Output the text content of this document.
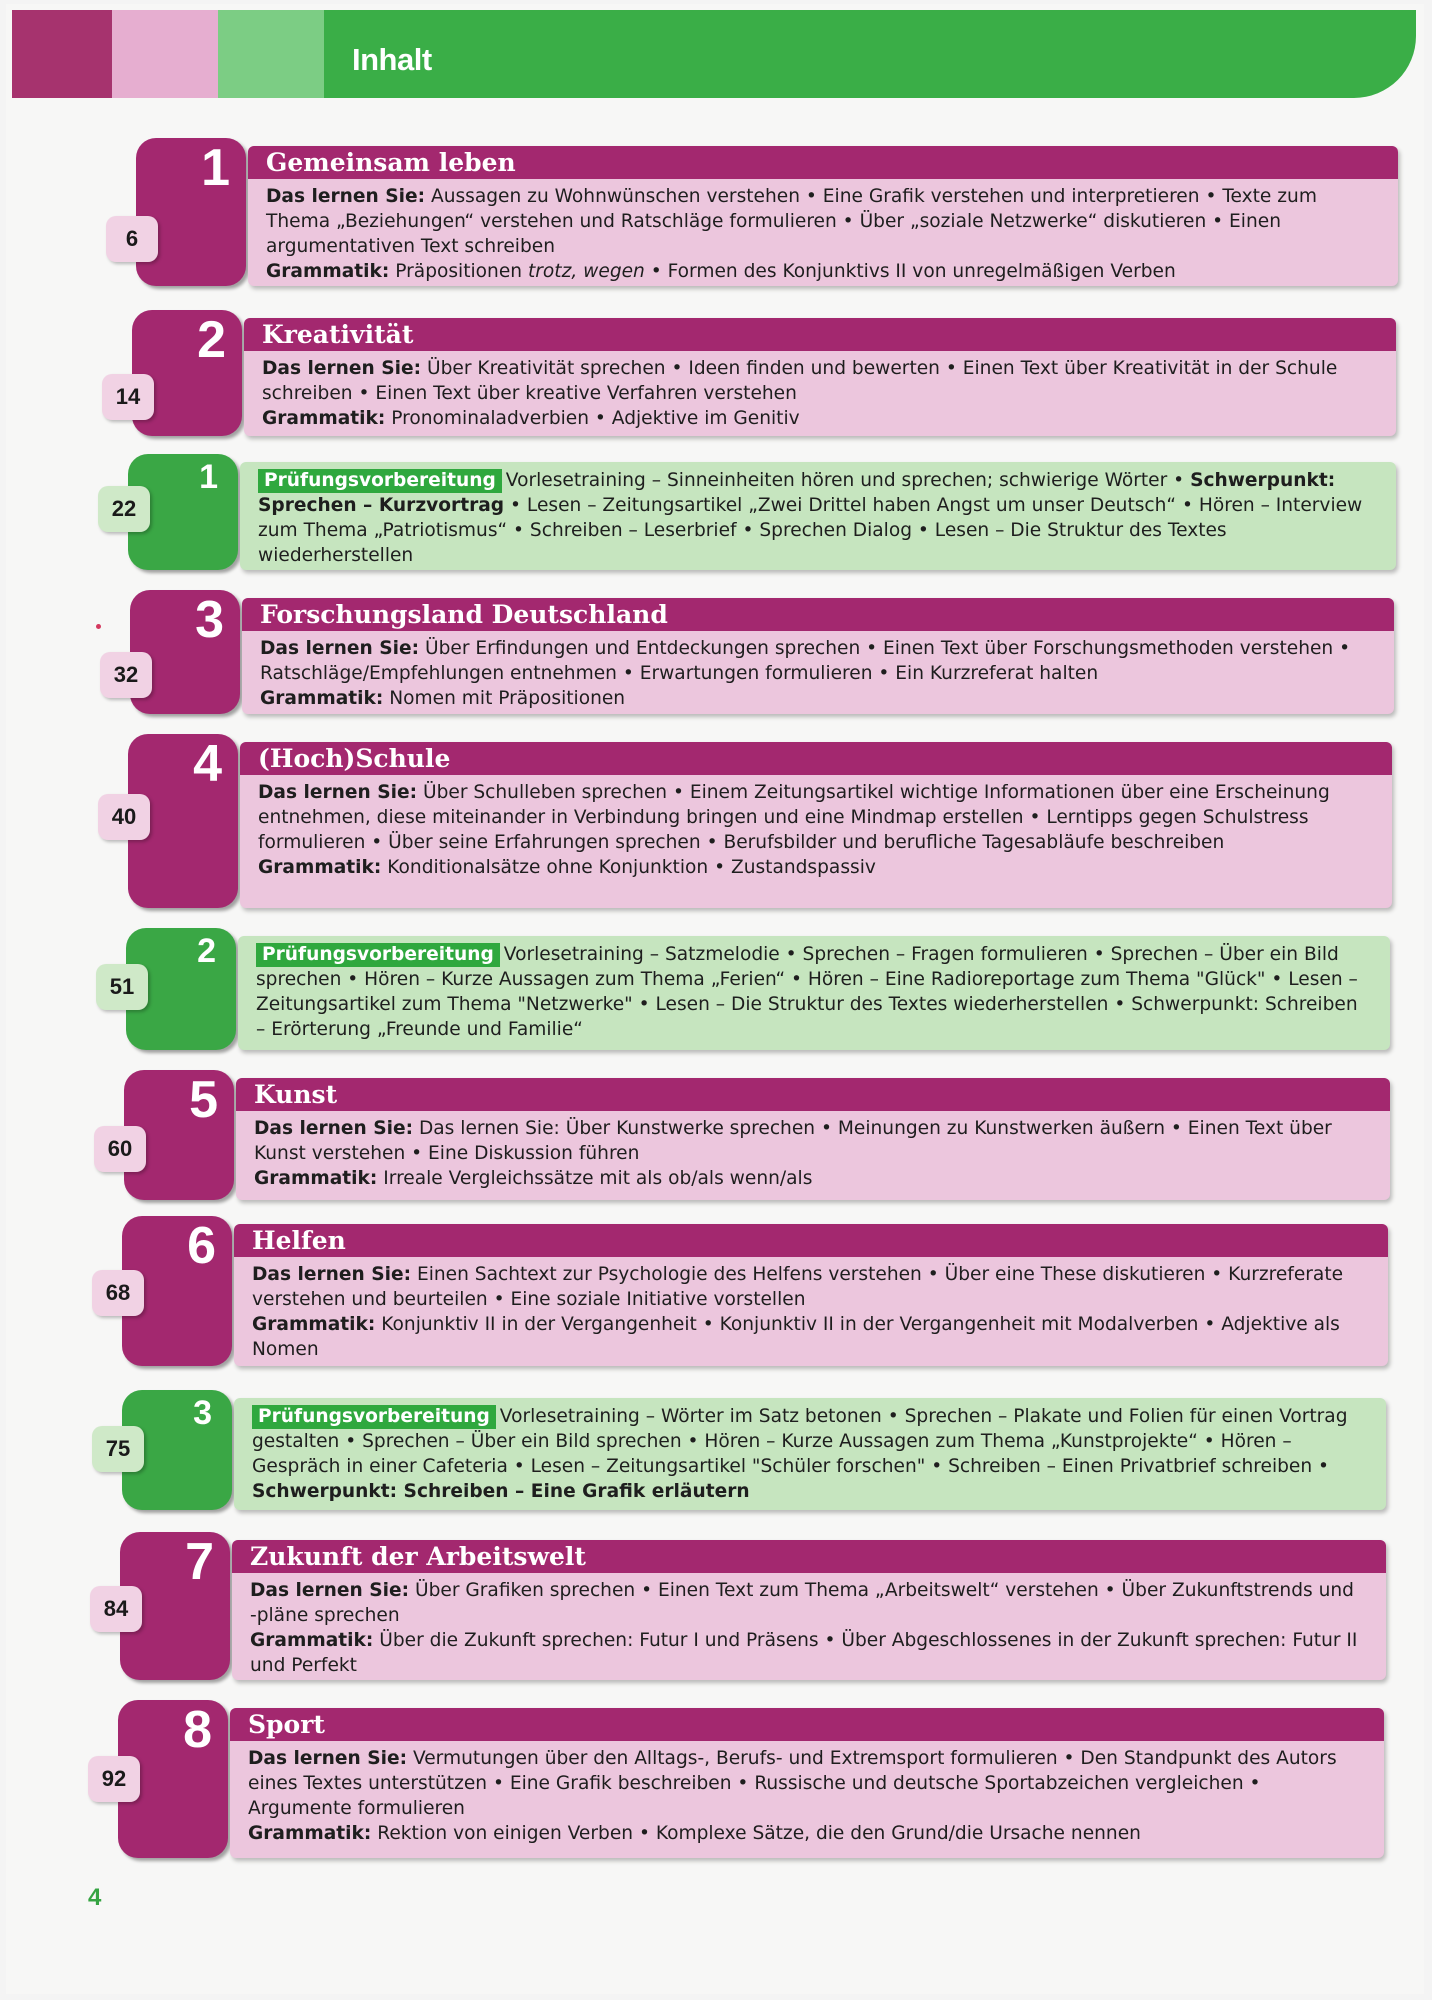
Inhalt
1
6
Gemeinsam leben

Das lernen Sie: Aussagen zu Wohnwünschen verstehen • Eine Grafik verstehen und interpretieren • Texte zum Thema „Beziehungen“ verstehen und Ratschläge formulieren • Über „soziale Netzwerke“ diskutieren • Einen argumentativen Text schreiben

Grammatik: Präpositionen trotz, wegen • Formen des Konjunktivs II von unregelmäßigen Verben

2
14
Kreativität

Das lernen Sie: Über Kreativität sprechen • Ideen finden und bewerten • Einen Text über Kreativität in der Schule schreiben • Einen Text über kreative Verfahren verstehen

Grammatik: Pronominaladverbien • Adjektive im Genitiv

1
22

Prüfungsvorbereitung Vorlesetraining – Sinneinheiten hören und sprechen; schwierige Wörter • Schwerpunkt: Sprechen – Kurzvortrag • Lesen – Zeitungsartikel „Zwei Drittel haben Angst um unser Deutsch“ • Hören – Interview zum Thema „Patriotismus“ • Schreiben – Leserbrief • Sprechen Dialog • Lesen – Die Struktur des Textes wiederherstellen

3
32
Forschungsland Deutschland

Das lernen Sie: Über Erfindungen und Entdeckungen sprechen • Einen Text über Forschungsmethoden verstehen • Ratschläge/Empfehlungen entnehmen • Erwartungen formulieren • Ein Kurzreferat halten

Grammatik: Nomen mit Präpositionen

4
40
(Hoch)Schule

Das lernen Sie: Über Schulleben sprechen • Einem Zeitungsartikel wichtige Informationen über eine Erscheinung entnehmen, diese miteinander in Verbindung bringen und eine Mindmap erstellen • Lerntipps gegen Schulstress formulieren • Über seine Erfahrungen sprechen • Berufsbilder und berufliche Tagesabläufe beschreiben

Grammatik: Konditionalsätze ohne Konjunktion • Zustandspassiv

2
51

Prüfungsvorbereitung Vorlesetraining – Satzmelodie • Sprechen – Fragen formulieren • Sprechen – Über ein Bild sprechen • Hören – Kurze Aussagen zum Thema „Ferien“ • Hören – Eine Radioreportage zum Thema "Glück" • Lesen – Zeitungsartikel zum Thema "Netzwerke" • Lesen – Die Struktur des Textes wiederherstellen • Schwerpunkt: Schreiben – Erörterung „Freunde und Familie“

5
60
Kunst

Das lernen Sie: Das lernen Sie: Über Kunstwerke sprechen • Meinungen zu Kunstwerken äußern • Einen Text über Kunst verstehen • Eine Diskussion führen

Grammatik: Irreale Vergleichssätze mit als ob/als wenn/als

6
68
Helfen

Das lernen Sie: Einen Sachtext zur Psychologie des Helfens verstehen • Über eine These diskutieren • Kurzreferate verstehen und beurteilen • Eine soziale Initiative vorstellen

Grammatik: Konjunktiv II in der Vergangenheit • Konjunktiv II in der Vergangenheit mit Modalverben • Adjektive als Nomen

3
75

Prüfungsvorbereitung Vorlesetraining – Wörter im Satz betonen • Sprechen – Plakate und Folien für einen Vortrag gestalten • Sprechen – Über ein Bild sprechen • Hören – Kurze Aussagen zum Thema „Kunstprojekte“ • Hören – Gespräch in einer Cafeteria • Lesen – Zeitungsartikel "Schüler forschen" • Schreiben – Einen Privatbrief schreiben • Schwerpunkt: Schreiben – Eine Grafik erläutern

7
84
Zukunft der Arbeitswelt

Das lernen Sie: Über Grafiken sprechen • Einen Text zum Thema „Arbeitswelt“ verstehen • Über Zukunftstrends und -pläne sprechen

Grammatik: Über die Zukunft sprechen: Futur I und Präsens • Über Abgeschlossenes in der Zukunft sprechen: Futur II und Perfekt

8
92
Sport

Das lernen Sie: Vermutungen über den Alltags-, Berufs- und Extremsport formulieren • Den Standpunkt des Autors eines Textes unterstützen • Eine Grafik beschreiben • Russische und deutsche Sportabzeichen vergleichen • Argumente formulieren

Grammatik: Rektion von einigen Verben • Komplexe Sätze, die den Grund/die Ursache nennen

4
